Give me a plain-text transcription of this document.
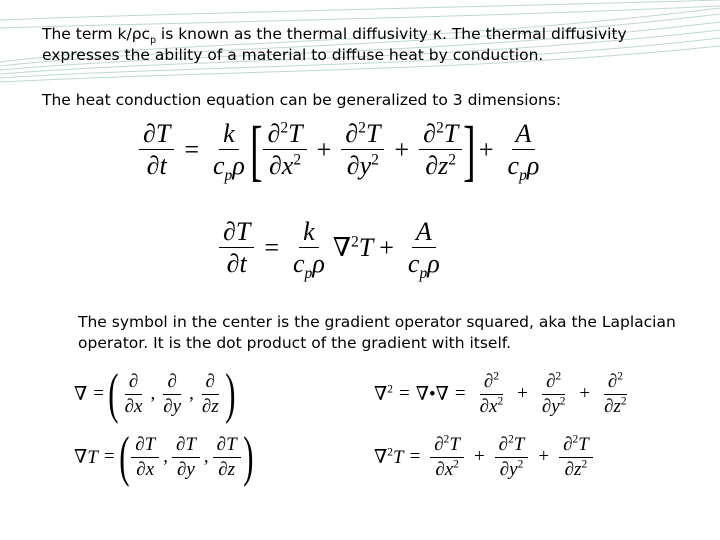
The term $k/\rho c_p$ is known as the thermal diffusivity κ. The thermal diffusivity
expresses the ability of a material to diffuse heat by conduction.
The heat conduction equation can be generalized to 3 dimensions:
$\frac{\partial T}{\partial t} = \frac{k}{c_p\rho}$ [ $\frac{\partial^2T}{\partial x^2} + \frac{\partial^2T}{\partial y^2} + \frac{\partial^2T}{\partial z^2}$ ] + $\frac{A}{c_p\rho}$
$\frac{\partial T}{\partial t} = \frac{k}{c_p\rho} \nabla^2T + \frac{A}{c_p\rho}$
The symbol in the center is the gradient operator squared, aka the Laplacian
operator. It is the dot product of the gradient with itself.
∇ = ( $\frac{\partial}{\partial x}$ , $\frac{\partial}{\partial y}$ , $\frac{\partial}{\partial z}$ )	∇$^2$ = ∇•∇ = $\frac{\partial^2}{\partial x^2} + \frac{\partial^2}{\partial y^2} + \frac{\partial^2}{\partial z^2}$
∇T = ( $\frac{\partial T}{\partial x}$ , $\frac{\partial T}{\partial y}$ , $\frac{\partial T}{\partial z}$ )	$\nabla^2T = \frac{\partial^2T}{\partial x^2} + \frac{\partial^2T}{\partial y^2} + \frac{\partial^2T}{\partial z^2}$
